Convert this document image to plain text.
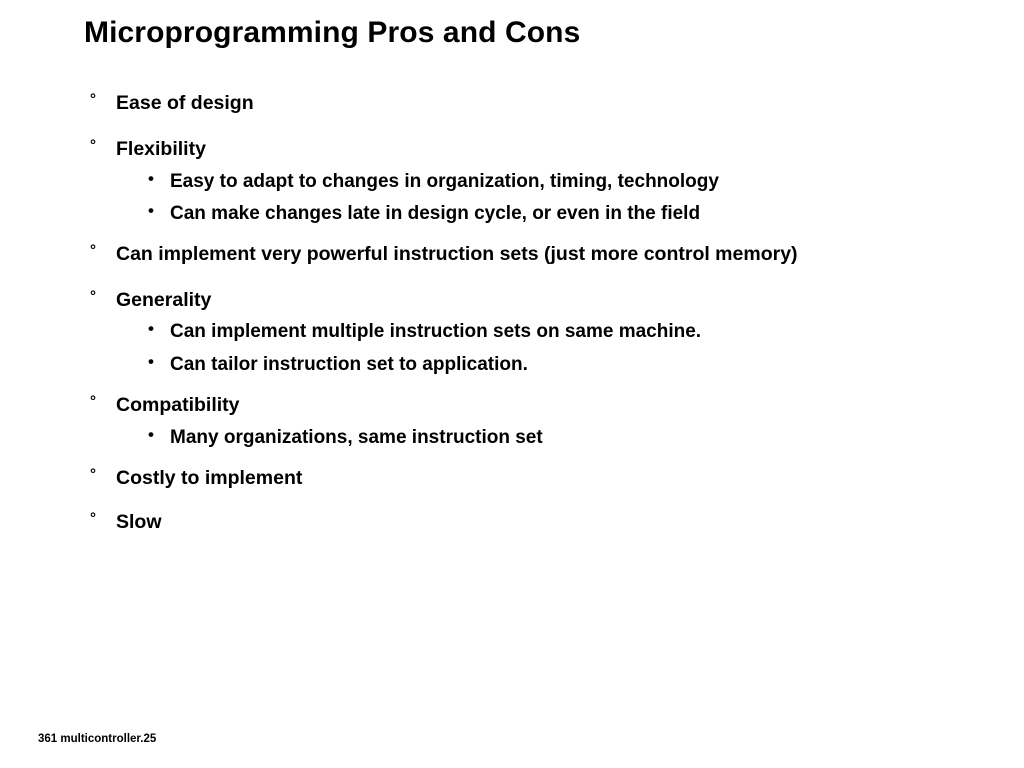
Microprogramming Pros and Cons
° Ease of design
° Flexibility
• Easy to adapt to changes in organization, timing, technology
• Can make changes late in design cycle, or even in the field
° Can implement very powerful instruction sets (just more control memory)
° Generality
• Can implement multiple instruction sets on same machine.
• Can tailor instruction set to application.
° Compatibility
• Many organizations, same instruction set
° Costly to implement
° Slow
361 multicontroller.25
